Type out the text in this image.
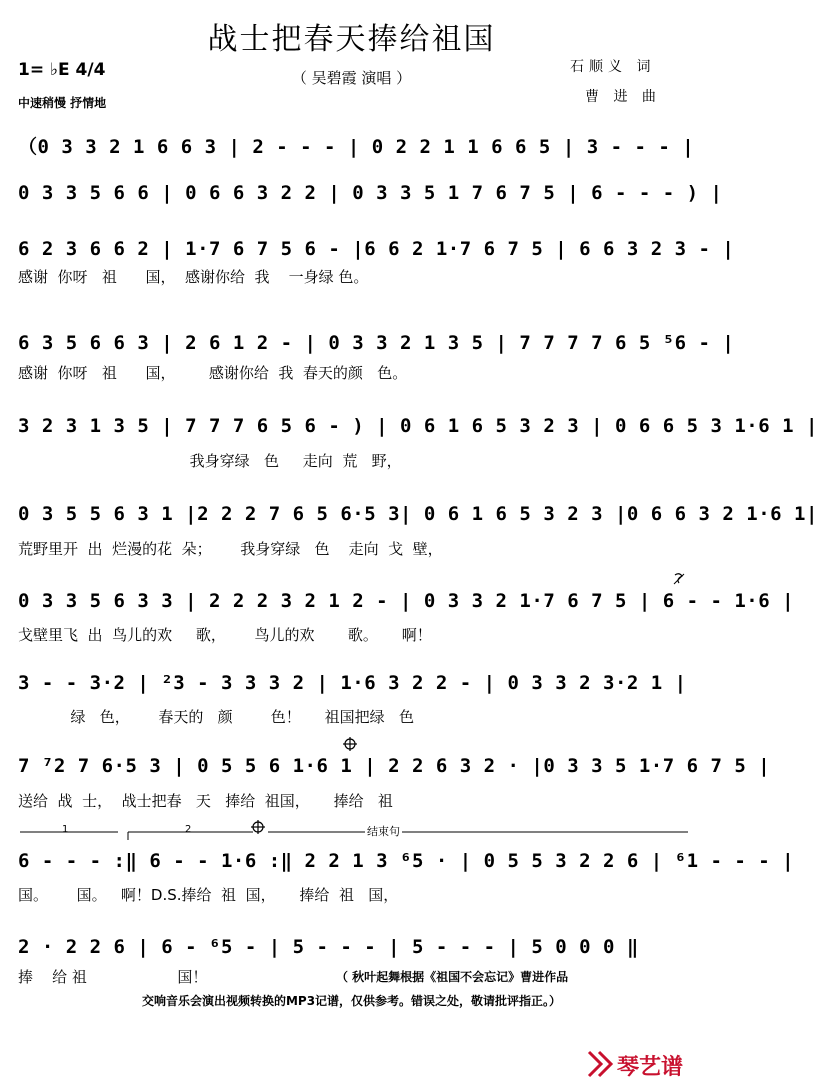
战士把春天捧给祖国
（ 吴碧霞 演唱 ）
1= ♭E 4/4
中速稍慢 抒情地
石顺义 词
曹 进 曲
（0 3 3 2 1 6 6 3 | 2 - - - | 0 2 2 1 1 6 6 5 | 3 - - - |
0 3 3 5 6 6 | 0 6 6 3 2 2 | 0 3 3 5 1 7 6 7 5 | 6 - - - ) |
6 2 3 6 6 2 | 1·7 6 7 5 6 - |6 6 2 1·7 6 7 5 | 6 6 3 2 3 - |
感谢  你呀   祖      国，  感谢你给  我    一身绿 色。
6 3 5 6 6 3 | 2 6 1 2 - | 0 3 3 2 1 3 5 | 7 7 7 7 6 5 ⁵6 - |
感谢  你呀   祖      国，       感谢你给  我  春天的颜   色。
3 2 3 1 3 5 | 7 7 7 6 5 6 - ) | 0 6 1 6 5 3 2 3 | 0 6 6 5 3 1·6 1 |
我身穿绿   色     走向  荒   野，
0 3 5 5 6 3 1 |2 2 2 7 6 5 6·5 3| 0 6 1 6 5 3 2 3 |0 6 6 3 2 1·6 1|
荒野里开  出  烂漫的花  朵；      我身穿绿   色    走向  戈  壁，
0 3 3 5 6 3 3 | 2 2 2 3 2 1 2 - | 0 3 3 2 1·7 6 7 5 | 6 - - 1·6 |
戈壁里飞  出  鸟儿的欢     歌，      鸟儿的欢       歌。     啊！
3 - - 3·2 | ²3 - 3 3 3 2 | 1·6 3 2 2 - | 0 3 3 2 3·2 1 |
绿   色，      春天的   颜        色！     祖国把绿   色
7 ⁷2 7 6·5 3 | 0 5 5 6 1·6 1 | 2 2 6 3 2 · |0 3 3 5 1·7 6 7 5 |
送给  战  士，  战士把春   天   捧给  祖国，     捧给   祖
1	2	结束句
6 - - - :‖ 6 - - 1·6 :‖ 2 2 1 3 ⁶5 · | 0 5 5 3 2 2 6 | ⁶1 - - - |
国。      国。   啊！D.S.捧给  祖  国，     捧给  祖   国，
2 · 2 2 6 | 6 - ⁶5 - | 5 - - - | 5 - - - | 5 0 0 0 ‖
捧    给 祖                   国！	（ 秋叶起舞根据《祖国不会忘记》曹进作品
交响音乐会演出视频转换的MP3记谱，仅供参考。错误之处，敬请批评指正。）
琴艺谱
